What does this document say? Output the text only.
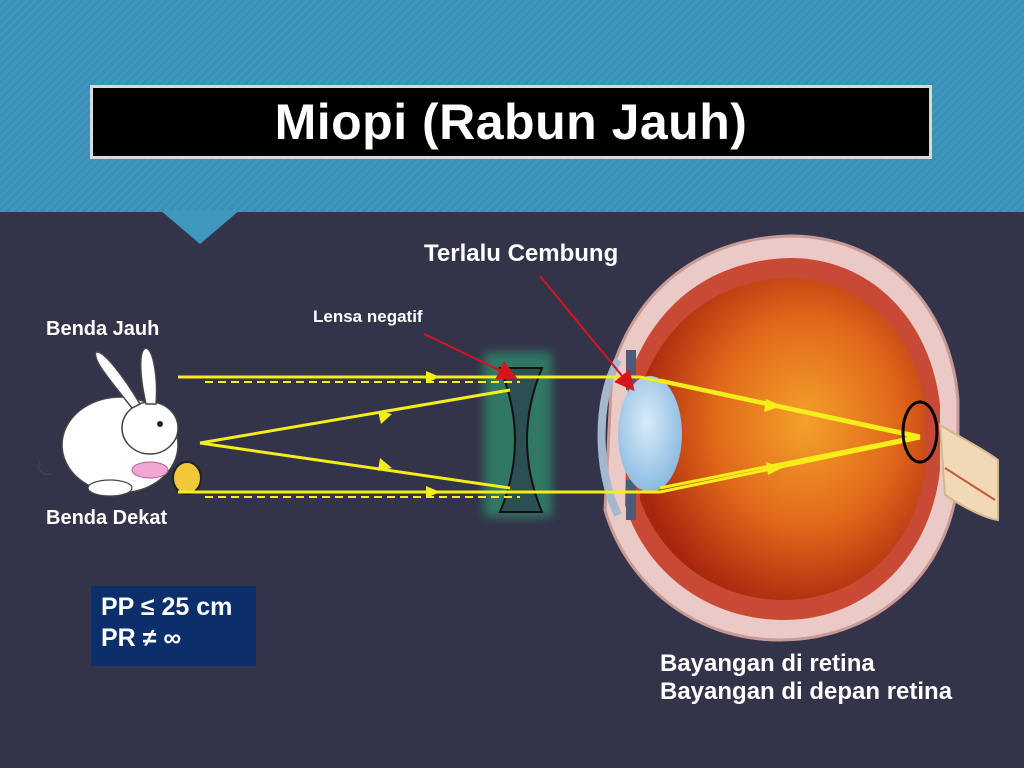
Miopi (Rabun Jauh)
Benda Jauh
Benda Dekat
Terlalu Cembung
Lensa negatif
Bayangan di retina
Bayangan di depan retina
PP ≤ 25 cm
PR ≠ ∞
